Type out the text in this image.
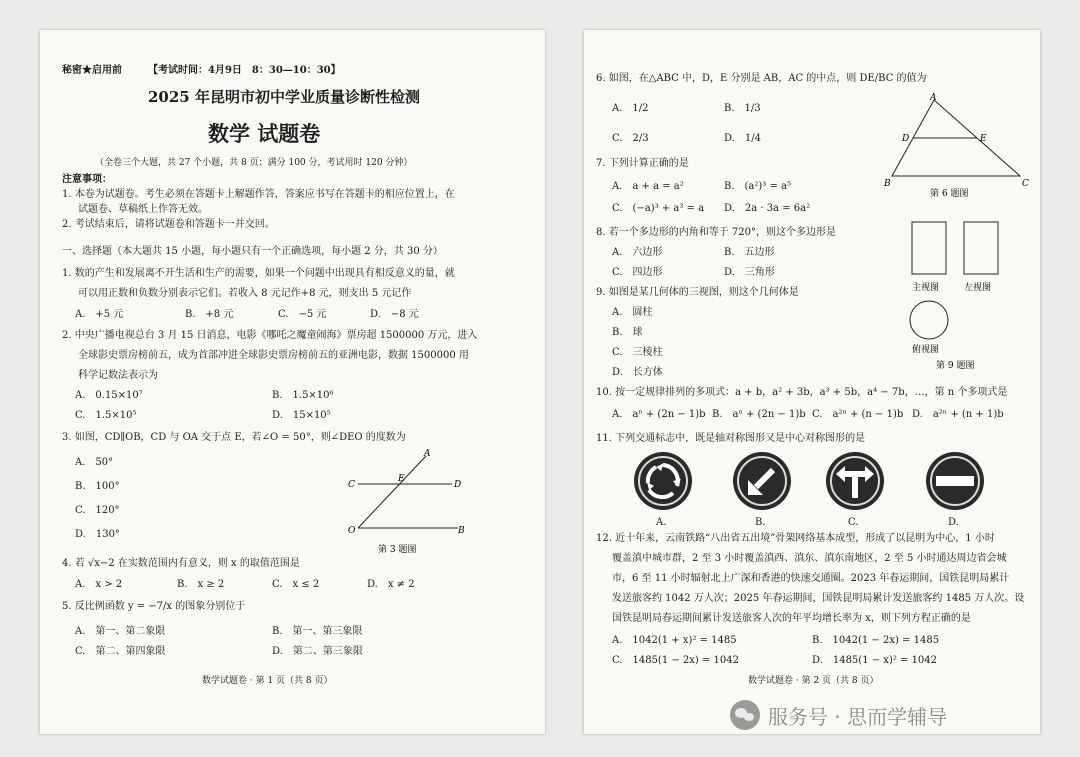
秘密★启用前	【考试时间：4月9日　8：30—10：30】
2025 年昆明市初中学业质量诊断性检测
数学 试题卷
（全卷三个大题，共 27 个小题，共 8 页；满分 100 分，考试用时 120 分钟）
注意事项：
1. 本卷为试题卷。考生必须在答题卡上解题作答，答案应书写在答题卡的相应位置上，在
试题卷、草稿纸上作答无效。
2. 考试结束后，请将试题卷和答题卡一并交回。
一、选择题（本大题共 15 小题，每小题只有一个正确选项，每小题 2 分，共 30 分）
1. 数的产生和发展离不开生活和生产的需要，如果一个问题中出现具有相反意义的量，就
可以用正数和负数分别表示它们。若收入 8 元记作+8 元，则支出 5 元记作
A.　+5 元	B.　+8 元	C.　−5 元	D.　−8 元
2. 中央广播电视总台 3 月 15 日消息，电影《哪吒之魔童闹海》票房超 1500000 万元，进入
全球影史票房榜前五，成为首部冲进全球影史票房榜前五的亚洲电影，数据 1500000 用
科学记数法表示为
A.　0.15×10⁷	B.　1.5×10⁶
C.　1.5×10⁵	D.　15×10⁵
3. 如图，CD∥OB，CD 与 OA 交于点 E，若∠O = 50°，则∠DEO 的度数为
A.　50°
B.　100°
C.　120°
D.　130°
A
C
E
D
O	B
第 3 题图
4. 若 √x−2 在实数范围内有意义，则 x 的取值范围是
A.　x > 2	B.　x ≥ 2	C.　x ≤ 2	D.　x ≠ 2
5. 反比例函数 y = −7/x 的图象分别位于
A.　第一、第二象限	B.　第一、第三象限
C.　第二、第四象限	D.　第二、第三象限
数学试题卷 · 第 1 页（共 8 页）
6. 如图，在△ABC 中，D，E 分别是 AB，AC 的中点，则 DE/BC 的值为
A.　1/2	B.　1/3
C.　2/3	D.　1/4
A
D	E
B	C
第 6 题图
7. 下列计算正确的是
A.　a + a = a²	B.　(a²)³ = a⁵
C.　(−a)³ + a³ = a D.　2a · 3a = 6a²
8. 若一个多边形的内角和等于 720°，则这个多边形是
A.　六边形	B.　五边形
C.　四边形	D.　三角形
9. 如图是某几何体的三视图，则这个几何体是
A.　圆柱
B.　球
C.　三棱柱
D.　长方体
主视图	左视图
俯视图
第 9 题图
10. 按一定规律排列的多项式：a + b，a² + 3b，a³ + 5b，a⁴ − 7b，…，第 n 个多项式是
A.　aⁿ + (2n − 1)b B.　aⁿ + (2n − 1)b C.　a²ⁿ + (n − 1)b D.　a²ⁿ + (n + 1)b
11. 下列交通标志中，既是轴对称图形又是中心对称图形的是
A.	B.	C.	D.
12. 近十年来，云南铁路“八出省五出境”骨架网络基本成型，形成了以昆明为中心，1 小时
覆盖滇中城市群，2 至 3 小时覆盖滇西、滇东、滇东南地区，2 至 5 小时通达周边省会城
市，6 至 11 小时辐射北上广深和香港的快速交通圈。2023 年春运期间，国铁昆明局累计
发送旅客约 1042 万人次；2025 年春运期间，国铁昆明局累计发送旅客约 1485 万人次。设
国铁昆明局春运期间累计发送旅客人次的年平均增长率为 x，则下列方程正确的是
A.　1042(1 + x)² = 1485	B.　1042(1 − 2x) = 1485
C.　1485(1 − 2x) = 1042	D.　1485(1 − x)² = 1042
数学试题卷 · 第 2 页（共 8 页）
服务号 · 思而学辅导
